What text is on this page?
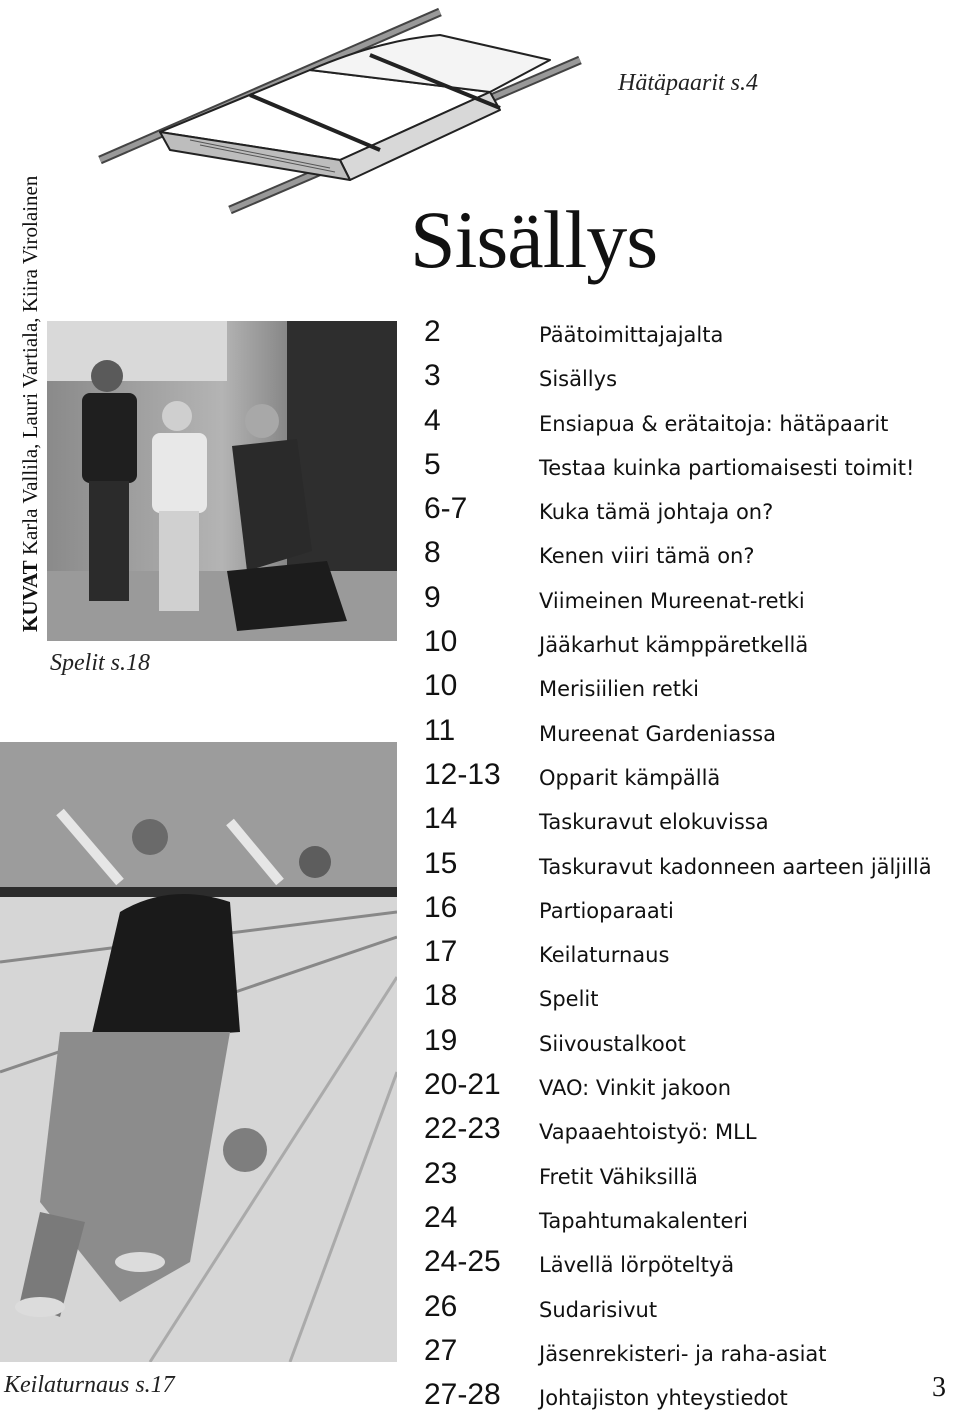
KUVAT Karla Vallila, Lauri Vartiala, Kiira Virolainen
Hätäpaarit s.4
Sisällys
Spelit s.18
Keilaturnaus s.17
2	Päätoimittajajalta
3	Sisällys
4	Ensiapua & erätaitoja: hätäpaarit
5	Testaa kuinka partiomaisesti toimit!
6-7	Kuka tämä johtaja on?
8	Kenen viiri tämä on?
9	Viimeinen Mureenat-retki
10	Jääkarhut kämppäretkellä
10	Merisiilien retki
11	Mureenat Gardeniassa
12-13 Opparit kämpällä
14	Taskuravut elokuvissa
15	Taskuravut kadonneen aarteen jäljillä
16	Partioparaati
17	Keilaturnaus
18	Spelit
19	Siivoustalkoot
20-21 VAO: Vinkit jakoon
22-23 Vapaaehtoistyö: MLL
23	Fretit Vähiksillä
24	Tapahtumakalenteri
24-25 Lävellä lörpöteltyä
26	Sudarisivut
27	Jäsenrekisteri- ja raha-asiat
27-28 Johtajiston yhteystiedot	3
